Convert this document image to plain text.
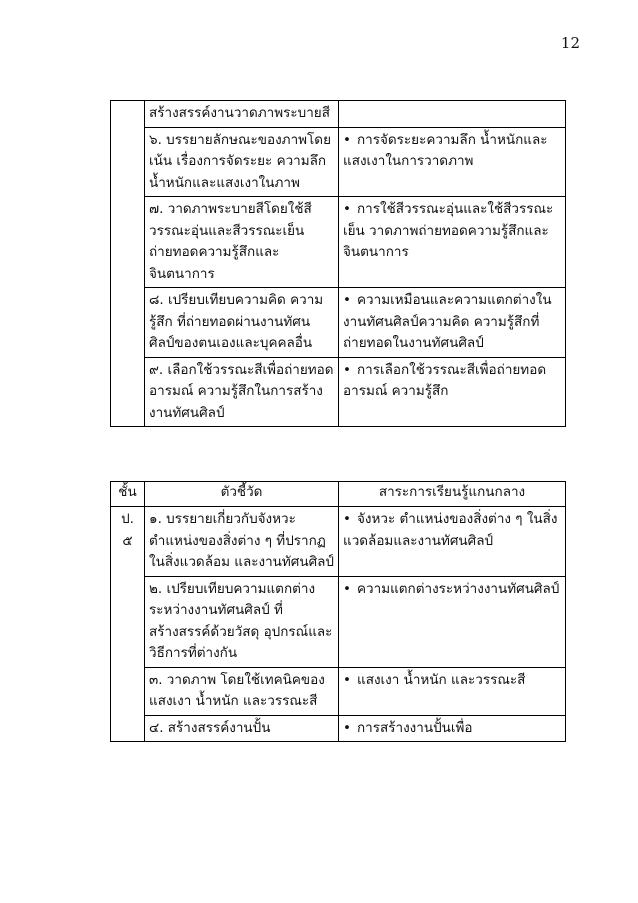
12
	สร้างสรรค์งานวาดภาพระบายสี	
	๖. บรรยายลักษณะของภาพโดยเน้น เรื่องการจัดระยะ ความลึก น้ำหนักและแสงเงาในภาพ	• การจัดระยะความลึก น้ำหนักและแสงเงาในการวาดภาพ
	๗. วาดภาพระบายสีโดยใช้สีวรรณะอุ่นและสีวรรณะเย็น ถ่ายทอดความรู้สึกและจินตนาการ	• การใช้สีวรรณะอุ่นและใช้สีวรรณะเย็น วาดภาพถ่ายทอดความรู้สึกและจินตนาการ
	๘. เปรียบเทียบความคิด ความรู้สึก ที่ถ่ายทอดผ่านงานทัศนศิลป์ของตนเองและบุคคลอื่น	• ความเหมือนและความแตกต่างในงานทัศนศิลป์ความคิด ความรู้สึกที่ถ่ายทอดในงานทัศนศิลป์
	๙. เลือกใช้วรรณะสีเพื่อถ่ายทอดอารมณ์ ความรู้สึกในการสร้างงานทัศนศิลป์	• การเลือกใช้วรรณะสีเพื่อถ่ายทอดอารมณ์ ความรู้สึก
ชั้น	ตัวชี้วัด	สาระการเรียนรู้แกนกลาง
ป. ๕	๑. บรรยายเกี่ยวกับจังหวะตำแหน่งของสิ่งต่าง ๆ ที่ปรากฏในสิ่งแวดล้อม และงานทัศนศิลป์	• จังหวะ ตำแหน่งของสิ่งต่าง ๆ ในสิ่งแวดล้อมและงานทัศนศิลป์
	๒. เปรียบเทียบความแตกต่างระหว่างงานทัศนศิลป์ ที่สร้างสรรค์ด้วยวัสดุ อุปกรณ์และวิธีการที่ต่างกัน	• ความแตกต่างระหว่างงานทัศนศิลป์
	๓. วาดภาพ โดยใช้เทคนิคของแสงเงา น้ำหนัก และวรรณะสี	• แสงเงา น้ำหนัก และวรรณะสี
	๔. สร้างสรรค์งานปั้น	• การสร้างงานปั้นเพื่อ
